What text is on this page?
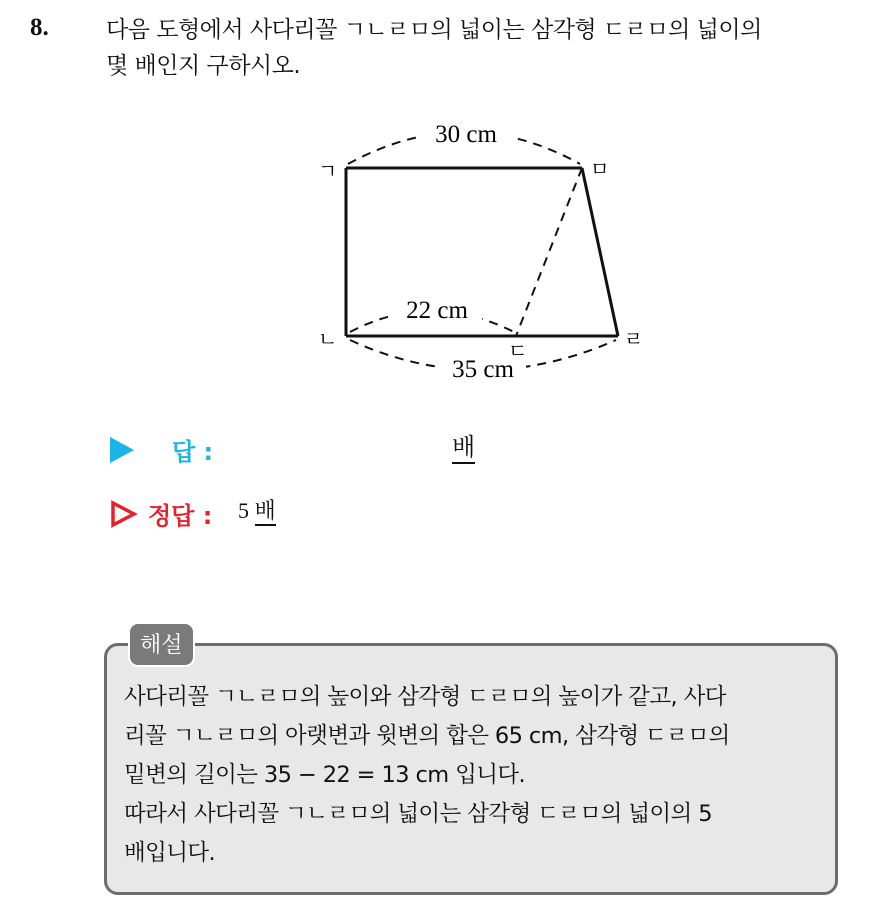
8. 다음 도형에서 사다리꼴 ㄱㄴㄹㅁ의 넓이는 삼각형 ㄷㄹㅁ의 넓이의
몇 배인지 구하시오.
30 cm
22 cm
35 cm
ㄱ
ㄴ	ㄷ	ㄹ
ㅁ
답 :	배
정답 : 5 배
해설
사다리꼴 ㄱㄴㄹㅁ의 높이와 삼각형 ㄷㄹㅁ의 높이가 같고, 사다
리꼴 ㄱㄴㄹㅁ의 아랫변과 윗변의 합은 65 cm, 삼각형 ㄷㄹㅁ의
밑변의 길이는 35 − 22 = 13 cm 입니다.
따라서 사다리꼴 ㄱㄴㄹㅁ의 넓이는 삼각형 ㄷㄹㅁ의 넓이의 5
배입니다.
